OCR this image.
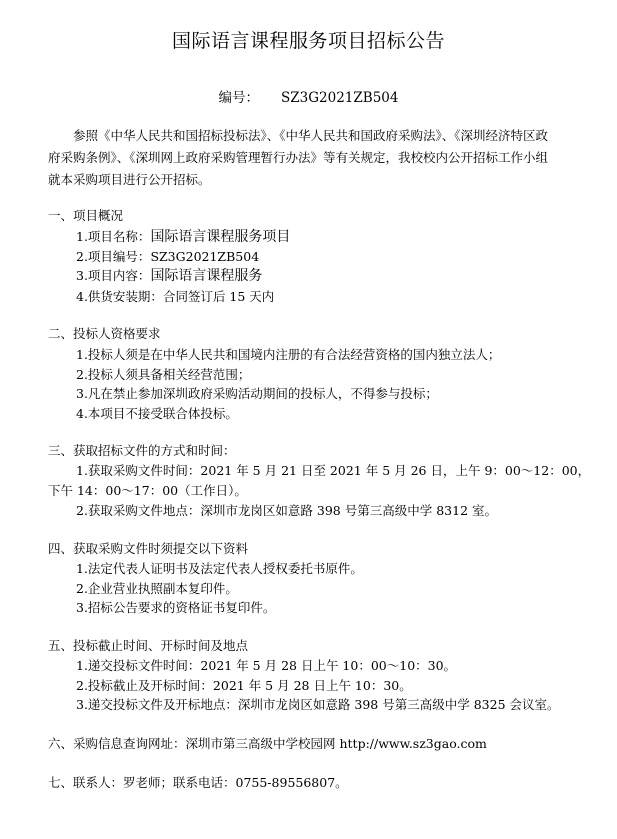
国际语言课程服务项目招标公告
编号： SZ3G2021ZB504
　　参照《中华人民共和国招标投标法》、《中华人民共和国政府采购法》、《深圳经济特区政
府采购条例》、《深圳网上政府采购管理暂行办法》等有关规定，我校校内公开招标工作小组
就本采购项目进行公开招标。
一、项目概况
1.项目名称：国际语言课程服务项目
2.项目编号：SZ3G2021ZB504
3.项目内容：国际语言课程服务
4.供货安装期：合同签订后 15 天内
二、投标人资格要求
1.投标人须是在中华人民共和国境内注册的有合法经营资格的国内独立法人；
2.投标人须具备相关经营范围；
3.凡在禁止参加深圳政府采购活动期间的投标人，不得参与投标；
4.本项目不接受联合体投标。
三、获取招标文件的方式和时间：
1.获取采购文件时间：2021 年 5 月 21 日至 2021 年 5 月 26 日，上午 9：00～12：00，
下午 14：00～17：00（工作日）。
2.获取采购文件地点：深圳市龙岗区如意路 398 号第三高级中学 8312 室。
四、获取采购文件时须提交以下资料
1.法定代表人证明书及法定代表人授权委托书原件。
2.企业营业执照副本复印件。
3.招标公告要求的资格证书复印件。
五、投标截止时间、开标时间及地点
1.递交投标文件时间：2021 年 5 月 28 日上午 10：00～10：30。
2.投标截止及开标时间：2021 年 5 月 28 日上午 10：30。
3.递交投标文件及开标地点：深圳市龙岗区如意路 398 号第三高级中学 8325 会议室。
六、采购信息查询网址：深圳市第三高级中学校园网 http://www.sz3gao.com
七、联系人：罗老师；联系电话：0755-89556807。
